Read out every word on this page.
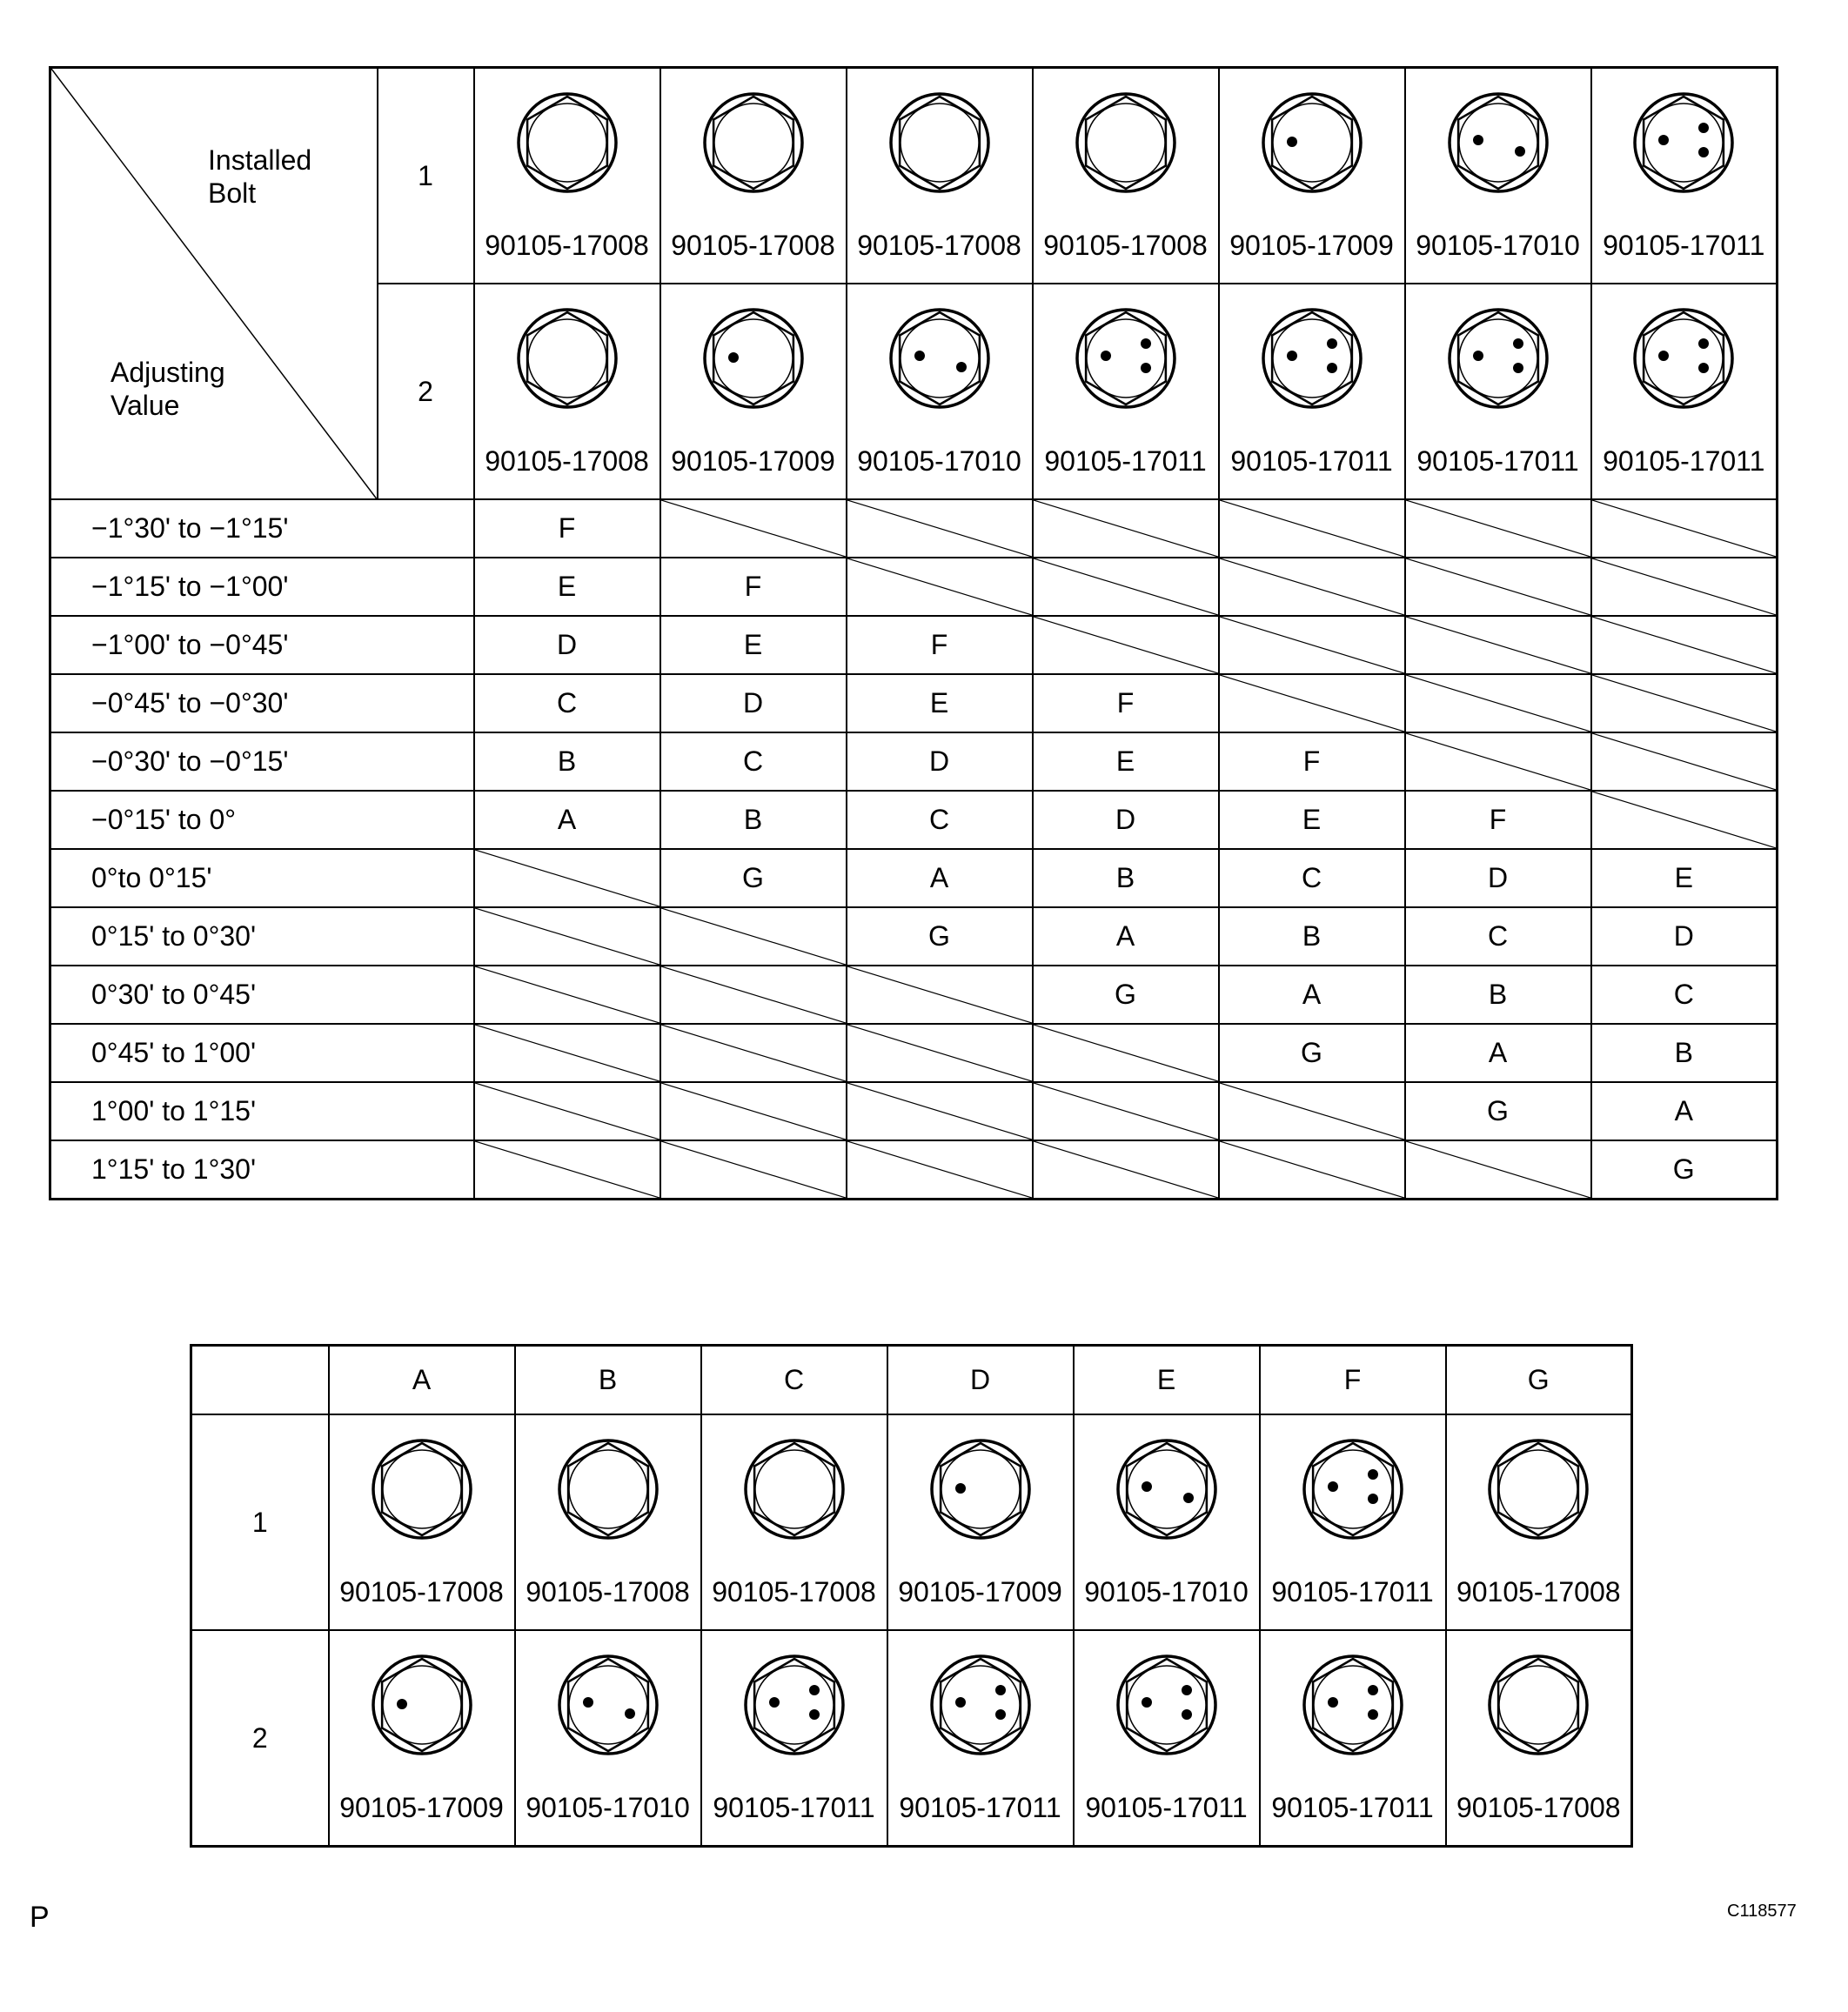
Installed
Bolt
Adjusting
Value	1	90105-17008	90105-17008	90105-17008	90105-17008	90105-17009	90105-17010	90105-17011

	2	90105-17008	90105-17009	90105-17010	90105-17011	90105-17011	90105-17011	90105-17011

−1°30' to −1°15'		F	

−1°15' to −1°00'		E	F	

−1°00' to −0°45'		D	E	F	

−0°45' to −0°30'		C	D	E	F	

−0°30' to −0°15'		B	C	D	E	F	

−0°15' to 0°		A	B	C	D	E	F	

0°to 0°15'			G	A	B	C	D	E
0°15' to 0°30'				G	A	B	C	D
0°30' to 0°45'					G	A	B	C
0°45' to 1°00'						G	A	B
1°00' to 1°15'							G	A
1°15' to 1°30'								G
	A	B	C	D	E	F	G
1	90105-17008	90105-17008	90105-17008	90105-17009	90105-17010	90105-17011	90105-17008

2	90105-17009	90105-17010	90105-17011	90105-17011	90105-17011	90105-17011	90105-17008
P	C118577
